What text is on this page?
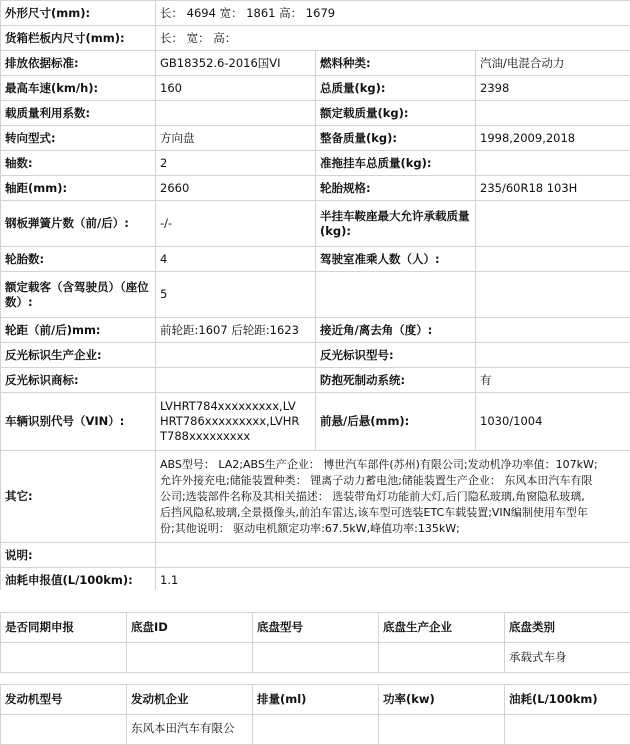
外形尺寸(mm):	长： 4694 宽： 1861 高： 1679		
货箱栏板内尺寸(mm):	长： 宽： 高：		
排放依据标准:	GB18352.6-2016国VI	燃料种类:	汽油/电混合动力
最高车速(km/h):	160	总质量(kg):	2398
载质量利用系数:		额定载质量(kg):	
转向型式:	方向盘	整备质量(kg):	1998,2009,2018
轴数:	2	准拖挂车总质量(kg):	
轴距(mm):	2660	轮胎规格:	235/60R18 103H
钢板弹簧片数（前/后）:	-/-	半挂车鞍座最大允许承载质量(kg):	
轮胎数:	4	驾驶室准乘人数（人）:	
额定载客（含驾驶员）（座位数）:	5		
轮距（前/后)mm:	前轮距:1607 后轮距:1623	接近角/离去角（度）:	
反光标识生产企业:		反光标识型号:	
反光标识商标:		防抱死制动系统:	有
车辆识别代号（VIN）:	LVHRT784xxxxxxxxx,LV
HRT786xxxxxxxxx,LVHR
T788xxxxxxxxx	前悬/后悬(mm):	1030/1004
其它:	ABS型号： LA2;ABS生产企业： 博世汽车部件(苏州)有限公司;发动机净功率值：107kW;
允许外接充电;储能装置种类： 锂离子动力蓄电池;储能装置生产企业： 东风本田汽车有限
公司;选装部件名称及其相关描述： 选装带角灯功能前大灯,后门隐私玻璃,角窗隐私玻璃,
后挡风隐私玻璃,全景摄像头,前泊车雷达,该车型可选装ETC车载装置;VIN编制使用车型年
份;其他说明： 驱动电机额定功率:67.5kW,峰值功率:135kW;		

说明:			
油耗申报值(L/100km):	1.1		
是否同期申报	底盘ID	底盘型号	底盘生产企业	底盘类别
				承载式车身
发动机型号	发动机企业	排量(ml)	功率(kw)	油耗(L/100km)
	东风本田汽车有限公			
